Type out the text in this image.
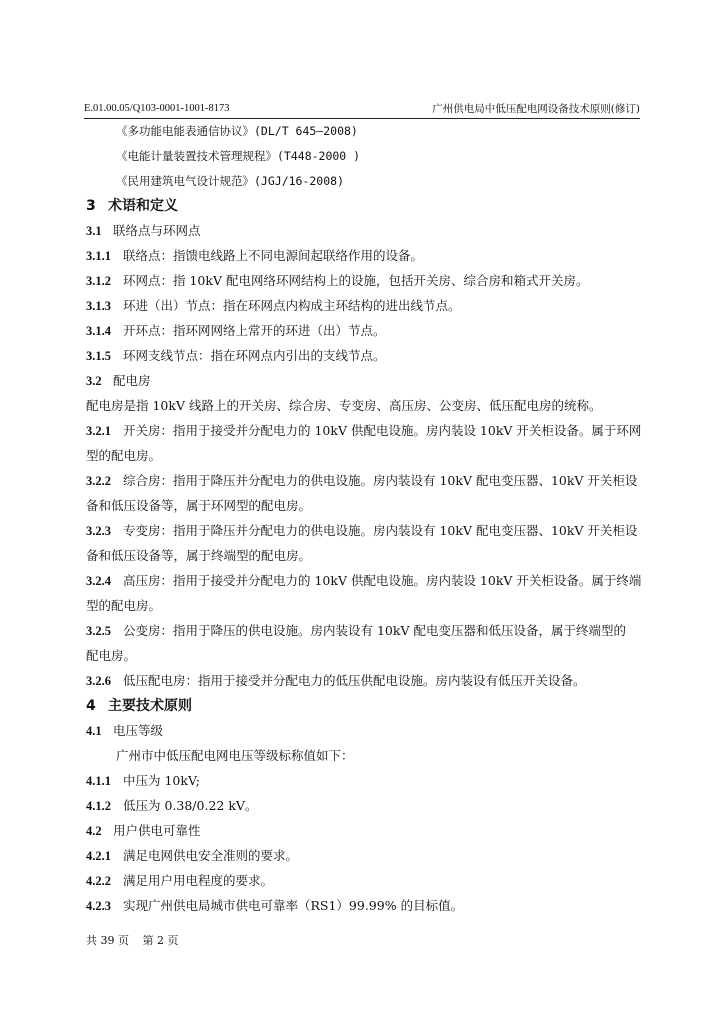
E.01.00.05/Q103-0001-1001-8173	广州供电局中低压配电网设备技术原则(修订)
《多功能电能表通信协议》(DL/T 645—2008)
《电能计量装置技术管理规程》(T448-2000 )
《民用建筑电气设计规范》(JGJ/16-2008)
3 术语和定义
3.1 联络点与环网点
3.1.1 联络点：指馈电线路上不同电源间起联络作用的设备。
3.1.2 环网点：指 10kV 配电网络环网结构上的设施，包括开关房、综合房和箱式开关房。
3.1.3 环进（出）节点：指在环网点内构成主环结构的进出线节点。
3.1.4 开环点：指环网网络上常开的环进（出）节点。
3.1.5 环网支线节点：指在环网点内引出的支线节点。
3.2 配电房
配电房是指 10kV 线路上的开关房、综合房、专变房、高压房、公变房、低压配电房的统称。
3.2.1 开关房：指用于接受并分配电力的 10kV 供配电设施。房内装设 10kV 开关柜设备。属于环网
型的配电房。
3.2.2 综合房：指用于降压并分配电力的供电设施。房内装设有 10kV 配电变压器、10kV 开关柜设
备和低压设备等，属于环网型的配电房。
3.2.3 专变房：指用于降压并分配电力的供电设施。房内装设有 10kV 配电变压器、10kV 开关柜设
备和低压设备等，属于终端型的配电房。
3.2.4 高压房：指用于接受并分配电力的 10kV 供配电设施。房内装设 10kV 开关柜设备。属于终端
型的配电房。
3.2.5 公变房：指用于降压的供电设施。房内装设有 10kV 配电变压器和低压设备，属于终端型的
配电房。
3.2.6 低压配电房：指用于接受并分配电力的低压供配电设施。房内装设有低压开关设备。
4 主要技术原则
4.1 电压等级
广州市中低压配电网电压等级标称值如下：
4.1.1 中压为 10kV;
4.1.2 低压为 0.38/0.22 kV。
4.2 用户供电可靠性
4.2.1 满足电网供电安全准则的要求。
4.2.2 满足用户用电程度的要求。
4.2.3 实现广州供电局城市供电可靠率（RS1）99.99% 的目标值。
共 39 页 第 2 页
